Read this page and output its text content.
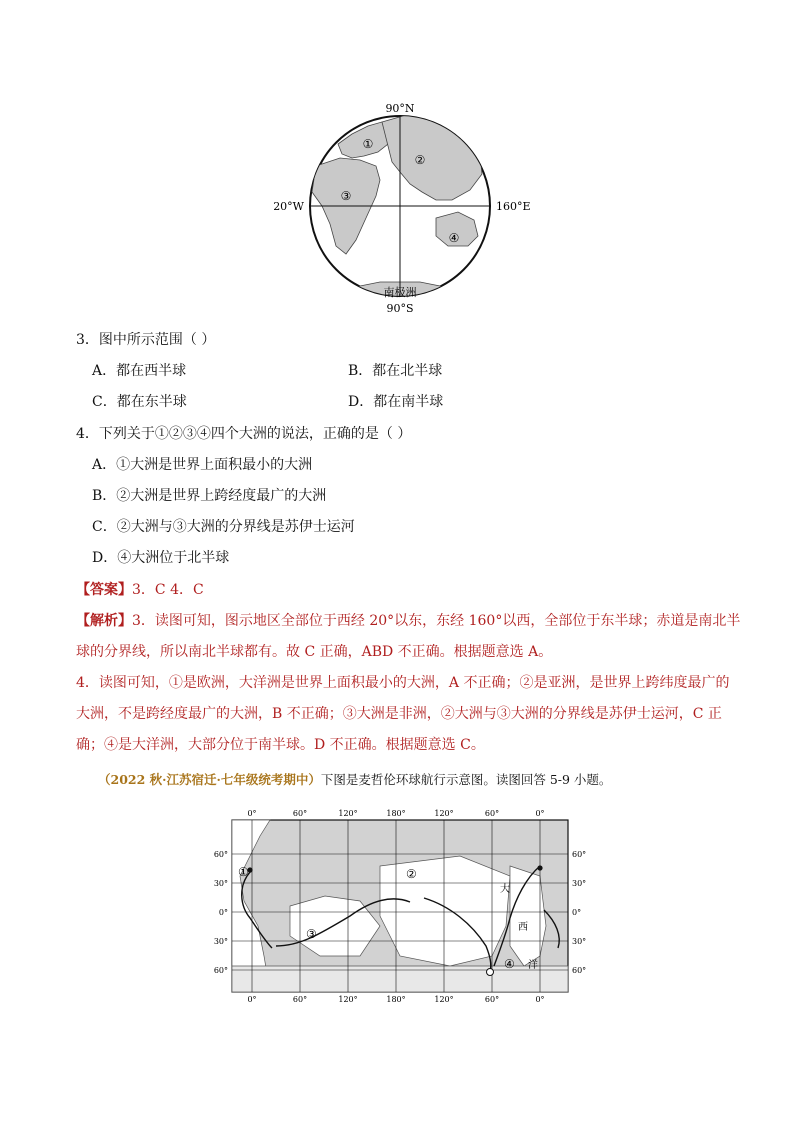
90°N
90°S
20°W	160°E
南极洲
①
②
③
④
3．图中所示范围（ ）
A．都在西半球	B．都在北半球
C．都在东半球	D．都在南半球
4．下列关于①②③④四个大洲的说法，正确的是（ ）
A．①大洲是世界上面积最小的大洲
B．②大洲是世界上跨经度最广的大洲
C．②大洲与③大洲的分界线是苏伊士运河
D．④大洲位于北半球
【答案】3．C 4．C
【解析】3．读图可知，图示地区全部位于西经 20°以东，东经 160°以西，全部位于东半球；赤道是南北半
球的分界线，所以南北半球都有。故 C 正确，ABD 不正确。根据题意选 A。
4．读图可知，①是欧洲，大洋洲是世界上面积最小的大洲，A 不正确；②是亚洲，是世界上跨纬度最广的
大洲，不是跨经度最广的大洲，B 不正确；③大洲是非洲，②大洲与③大洲的分界线是苏伊士运河，C 正
确；④是大洋洲，大部分位于南半球。D 不正确。根据题意选 C。
（2022 秋·江苏宿迁·七年级统考期中）下图是麦哲伦环球航行示意图。读图回答 5-9 小题。
0°	60°	120°	180°	120°	60°	0°
0°	60°	120°	180°	120°	60°	0°
60°
30°
0°
30°
60°
60°
30°
0°
30°
60°
①	②
③
④
大
西
洋
